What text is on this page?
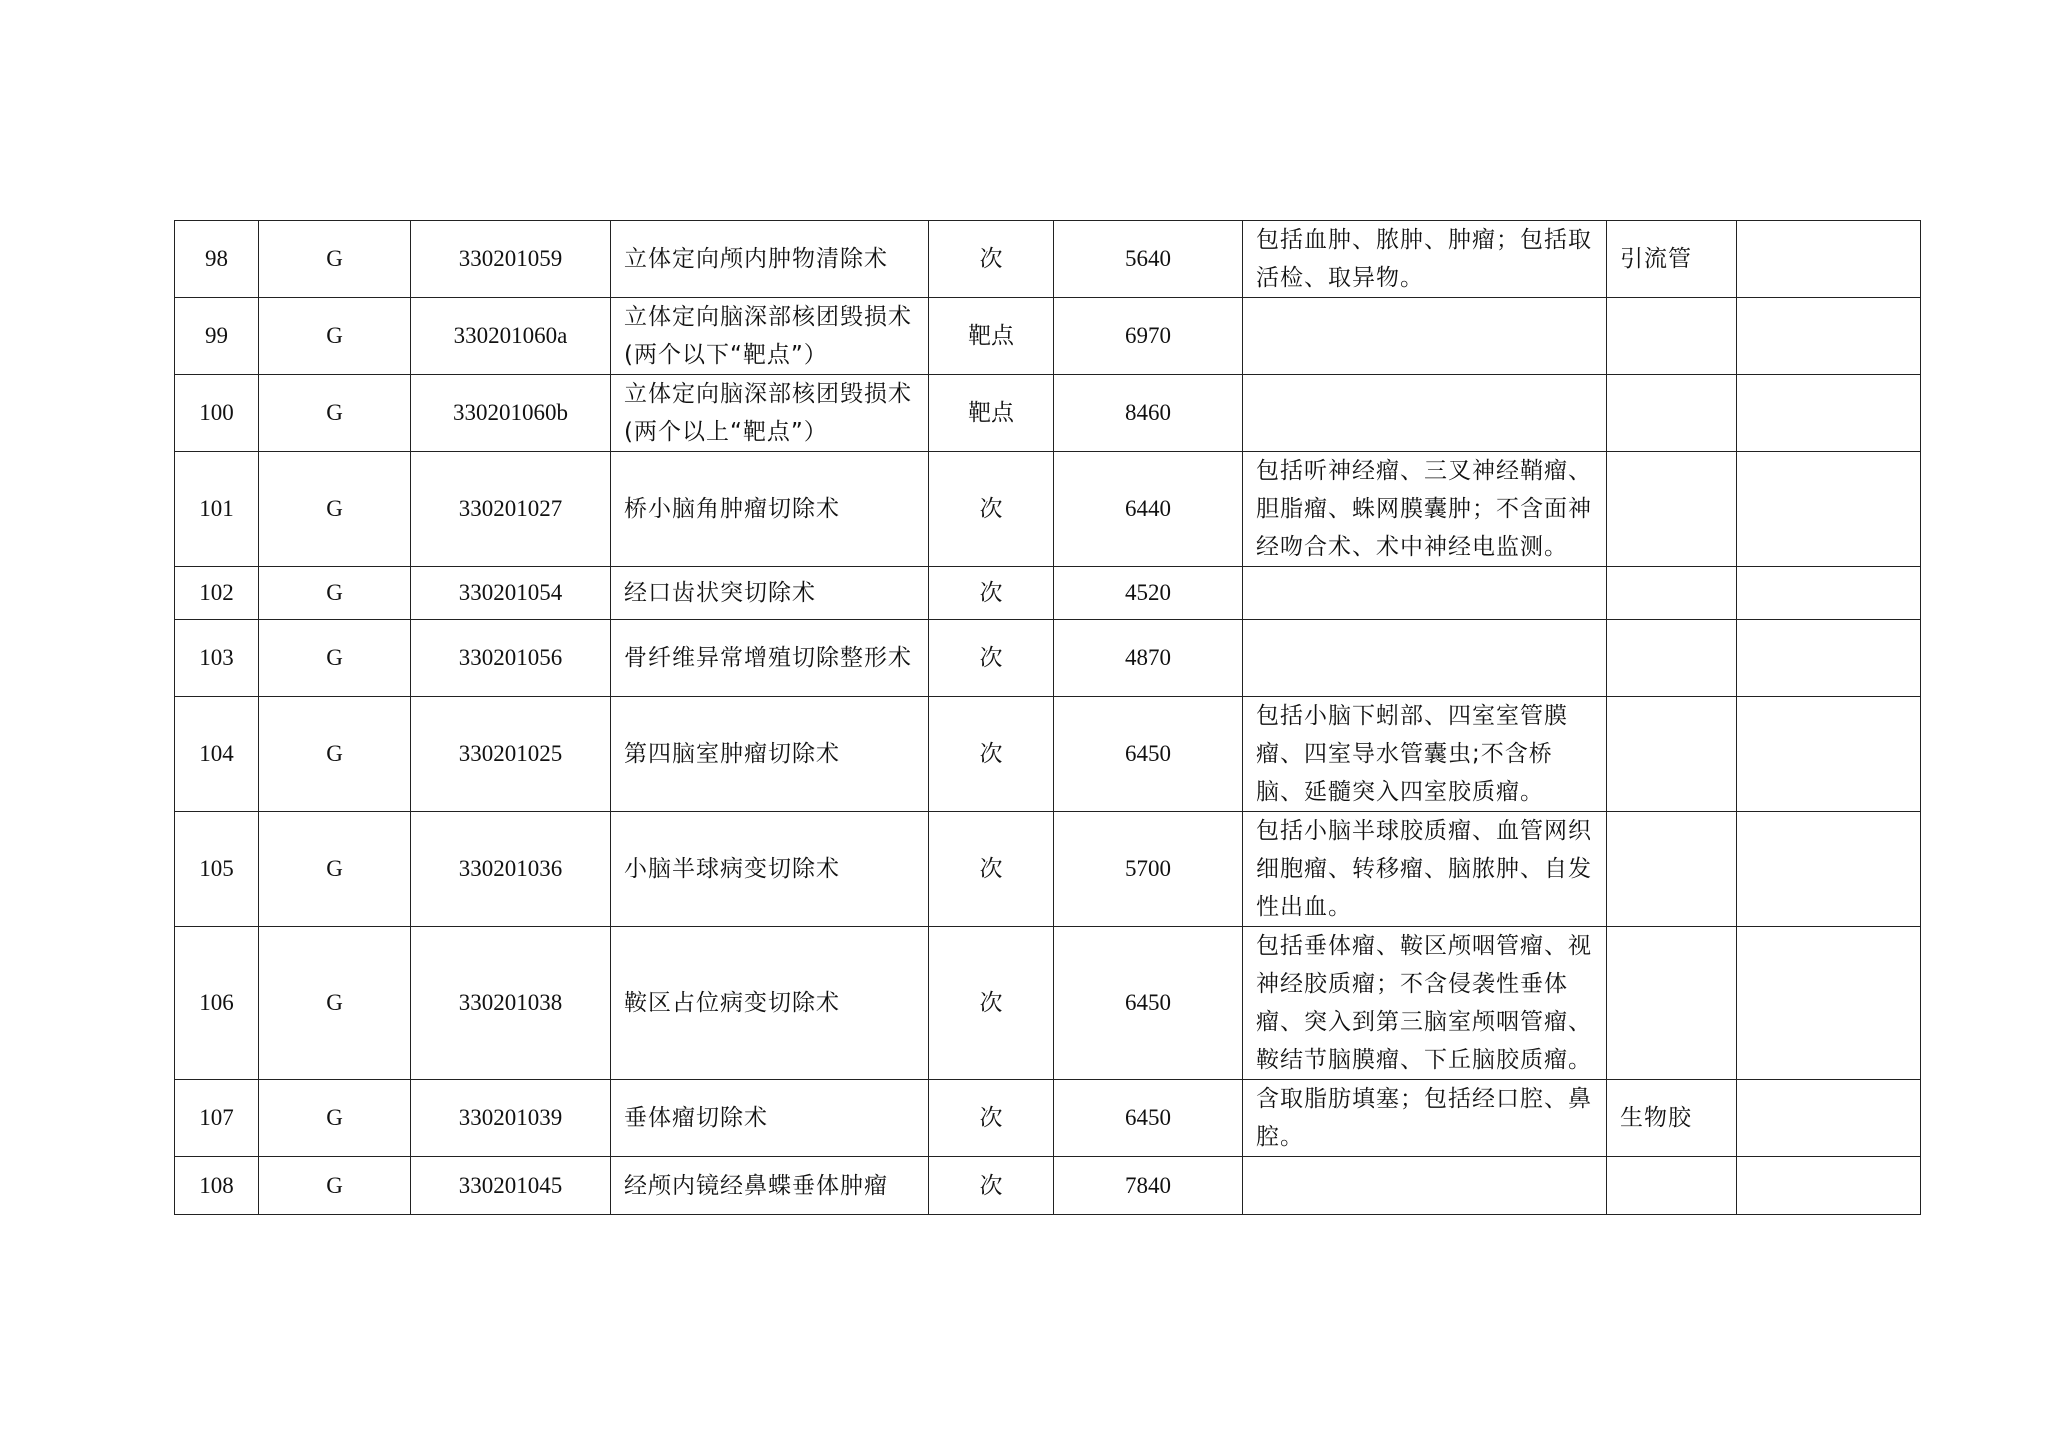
98	G	330201059	立体定向颅内肿物清除术	次	5640	包括血肿、脓肿、肿瘤；包括取活检、取异物。	引流管	
99	G	330201060a	立体定向脑深部核团毁损术(两个以下“靶点”）	靶点	6970			
100	G	330201060b	立体定向脑深部核团毁损术(两个以上“靶点”）	靶点	8460			
101	G	330201027	桥小脑角肿瘤切除术	次	6440	包括听神经瘤、三叉神经鞘瘤、胆脂瘤、蛛网膜囊肿；不含面神经吻合术、术中神经电监测。		
102	G	330201054	经口齿状突切除术	次	4520			
103	G	330201056	骨纤维异常增殖切除整形术	次	4870			
104	G	330201025	第四脑室肿瘤切除术	次	6450	包括小脑下蚓部、四室室管膜瘤、四室导水管囊虫;不含桥脑、延髓突入四室胶质瘤。		
105	G	330201036	小脑半球病变切除术	次	5700	包括小脑半球胶质瘤、血管网织细胞瘤、转移瘤、脑脓肿、自发性出血。		
106	G	330201038	鞍区占位病变切除术	次	6450	包括垂体瘤、鞍区颅咽管瘤、视神经胶质瘤；不含侵袭性垂体瘤、突入到第三脑室颅咽管瘤、鞍结节脑膜瘤、下丘脑胶质瘤。		
107	G	330201039	垂体瘤切除术	次	6450	含取脂肪填塞；包括经口腔、鼻腔。	生物胶	
108	G	330201045	经颅内镜经鼻蝶垂体肿瘤	次	7840			
